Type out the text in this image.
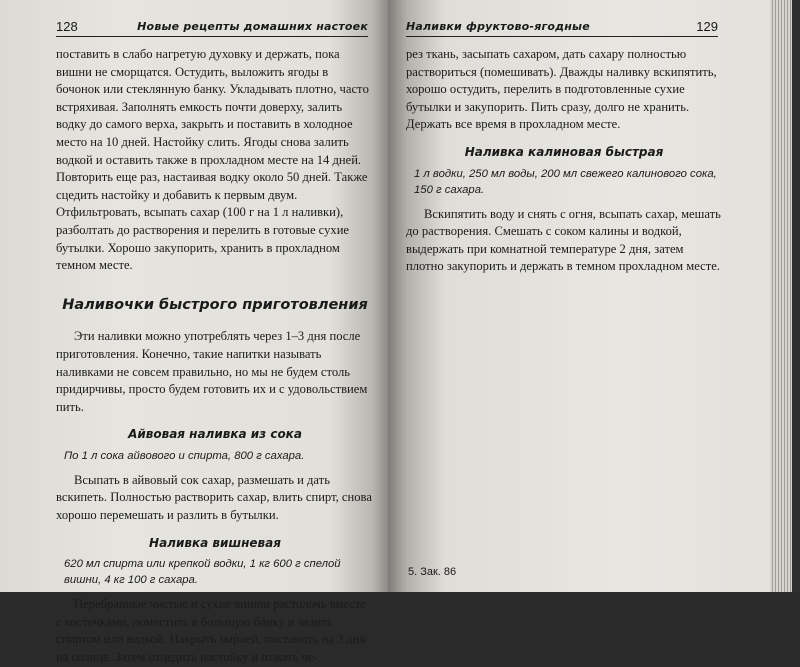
128	Новые рецепты домашних настоек

поставить в слабо нагретую духовку и держать, пока вишни не сморщатся. Остудить, выложить ягоды в бочонок или стеклянную банку. Укладывать плотно, частo встряхивая. Заполнять емкость почти доверху, залить водку до самого верха, закрыть и поставить в холодное место на 10 дней. Настойку слить. Ягоды снова залить водкой и оставить также в прохладном месте на 14 дней. Повторить еще раз, настаивая водку около 50 дней. Также сцедить настойку и добавить к первым двум. Отфильтровать, всыпать сахар (100 г на 1 л наливки), разболтать до растворения и перелить в готовые сухие бутылки. Хорошо закупорить, хранить в прохладном темном месте.

Наливочки быстрого приготовления

Эти наливки можно употреблять через 1–3 дня после приготовления. Конечно, такие напитки называть наливками не совсем правильно, но мы не будем столь придирчивы, просто будем готовить их и с удовольствием пить.

Айвовая наливка из сока

По 1 л сока айвового и спирта, 800 г сахара.

Всыпать в айвовый сок сахар, размешать и дать вскипеть. Полностью растворить сахар, влить спирт, снова хорошо перемешать и разлить в бутылки.

Наливка вишневая

620 мл спирта или крепкой водки, 1 кг 600 г спелой вишни, 4 кг 100 г сахара.

Перебранные чистые и сухие вишни растолочь вместе с косточками, поместить в большую банку и залить спиртом или водкой. Накрыть марлей, поставить на 3 дня на солнце. Затем отцедить настойку и отжать че-

Наливки фруктово-ягодные	129

рез ткань, засыпать сахаром, дать сахару полностью раствориться (помешивать). Дважды наливку вскипятить, хорошо остудить, перелить в подготовленные сухие бутылки и закупорить. Пить сразу, долго не хранить. Держать все время в прохладном месте.

Наливка калиновая быстрая

1 л водки, 250 мл воды, 200 мл свежего калинового сока, 150 г сахара.

Вскипятить воду и снять с огня, всыпать сахар, мешать до растворения. Смешать с соком калины и водкой, выдержать при комнатной температуре 2 дня, затем плотно закупорить и держать в темном прохладном месте.

5. Зак. 86
